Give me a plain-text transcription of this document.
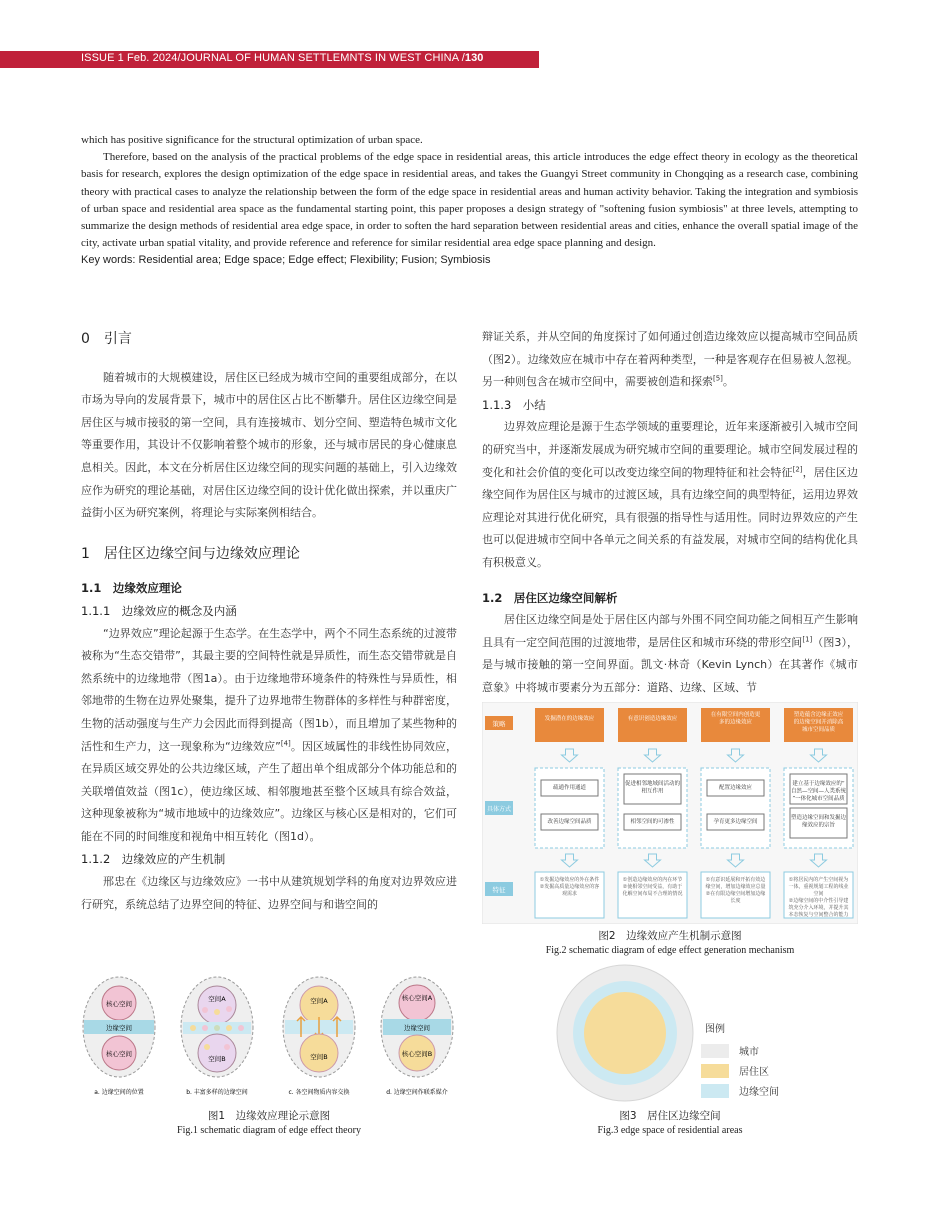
ISSUE 1 Feb. 2024/JOURNAL OF HUMAN SETTLEMNTS IN WEST CHINA /130

which has positive significance for the structural optimization of urban space.

Therefore, based on the analysis of the practical problems of the edge space in residential areas, this article introduces the edge effect theory in ecology as the theoretical basis for research, explores the design optimization of the edge space in residential areas, and takes the Guangyi Street community in Chongqing as a research case, combining theory with practical cases to analyze the relationship between the form of the edge space in residential areas and human activity behavior. Taking the integration and symbiosis of urban space and residential area space as the fundamental starting point, this paper proposes a design strategy of "softening fusion symbiosis" at three levels, attempting to summarize the design methods of residential area edge space, in order to soften the hard separation between residential areas and cities, enhance the overall spatial image of the city, activate urban spatial vitality, and provide reference and reference for similar residential area edge space planning and design.

Key words: Residential area; Edge space; Edge effect; Flexibility; Fusion; Symbiosis

0　引言

随着城市的大规模建设，居住区已经成为城市空间的重要组成部分，在以市场为导向的发展背景下，城市中的居住区占比不断攀升。居住区边缘空间是居住区与城市接驳的第一空间，具有连接城市、划分空间、塑造特色城市文化等重要作用，其设计不仅影响着整个城市的形象，还与城市居民的身心健康息息相关。因此，本文在分析居住区边缘空间的现实问题的基础上，引入边缘效应作为研究的理论基础，对居住区边缘空间的设计优化做出探索，并以重庆广益街小区为研究案例，将理论与实际案例相结合。

1　居住区边缘空间与边缘效应理论

1.1　边缘效应理论

1.1.1　边缘效应的概念及内涵

“边界效应”理论起源于生态学。在生态学中，两个不同生态系统的过渡带被称为“生态交错带”，其最主要的空间特性就是异质性，而生态交错带就是自然系统中的边缘地带（图1a）。由于边缘地带环境条件的特殊性与异质性，相邻地带的生物在边界处聚集，提升了边界地带生物群体的多样性与种群密度，生物的活动强度与生产力会因此而得到提高（图1b），而且增加了某些物种的活性和生产力，这一现象称为“边缘效应”[4]。因区域属性的非线性协同效应，在异质区域交界处的公共边缘区域，产生了超出单个组成部分个体功能总和的关联增值效益（图1c），使边缘区域、相邻腹地甚至整个区域具有综合效益，这种现象被称为“城市地域中的边缘效应”。边缘区与核心区是相对的，它们可能在不同的时间维度和视角中相互转化（图1d）。

1.1.2　边缘效应的产生机制

邢忠在《边缘区与边缘效应》一书中从建筑规划学科的角度对边界效应进行研究，系统总结了边界空间的特征、边界空间与和谐空间的

辩证关系，并从空间的角度探讨了如何通过创造边缘效应以提高城市空间品质（图2）。边缘效应在城市中存在着两种类型，一种是客观存在但易被人忽视。另一种则包含在城市空间中，需要被创造和探索[5]。

1.1.3　小结

边界效应理论是源于生态学领域的重要理论，近年来逐渐被引入城市空间的研究当中，并逐渐发展成为研究城市空间的重要理论。城市空间发展过程的变化和社会价值的变化可以改变边缘空间的物理特征和社会特征[2]，居住区边缘空间作为居住区与城市的过渡区域，具有边缘空间的典型特征，运用边界效应理论对其进行优化研究，具有很强的指导性与适用性。同时边界效应的产生也可以促进城市空间中各单元之间关系的有益发展，对城市空间的结构优化具有积极意义。

1.2　居住区边缘空间解析

居住区边缘空间是处于居住区内部与外围不同空间功能之间相互产生影响且具有一定空间范围的过渡地带，是居住区和城市环绕的带形空间[1]（图3），是与城市接触的第一空间界面。凯文·林奇（Kevin Lynch）在其著作《城市意象》中将城市要素分为五部分：道路、边缘、区域、节

核心空间
边缘空间
核心空间
a. 边缘空间的位置
空间A
空间B
b. 丰富多样的边缘空间
空间A
空间B
c. 各空间物质内容交换
核心空间A
边缘空间
核心空间B
d. 边缘空间作联系媒介
图1　边缘效应理论示意图
Fig.1 schematic diagram of edge effect theory
策略
具体方式
特征
发掘潜在的边缘效应
疏通作用通道
改善边缘空间品质
①发掘边缘效应的外在条件 ②发掘高质量边缘效应的客观需求
有意识创造边缘效应
促进相邻地域间活动的相互作用
相邻空间的可渗性
①创造边缘效应的内在环节 ②使相邻空间受益，有助于化解空间布局不合理的情况
在有限空间内创造更多的边缘效应
配置边缘效应
孕育更多边缘空间
①有意识延展和开拓有效边缘空间，增加边缘效应总量 ②在有限边缘空间增加边缘长度
塑造蕴含边缘正效应的边缘空间并消除高城市空间品质
建立基于边缘效应的“自然—空间—人类系统”一体化城市空间品质
塑造边缘空间和发掘边缘效应的宗旨
①将居民内的产生空间视为一体，重视规划工程的线业空间 ②边缘空间的中介性引导建筑充分介入环境，并提升其本态恢复与空间整合的能力
图2　边缘效应产生机制示意图
Fig.2 schematic diagram of edge effect generation mechanism
图例
城市
居住区
边缘空间
图3　居住区边缘空间
Fig.3 edge space of residential areas
